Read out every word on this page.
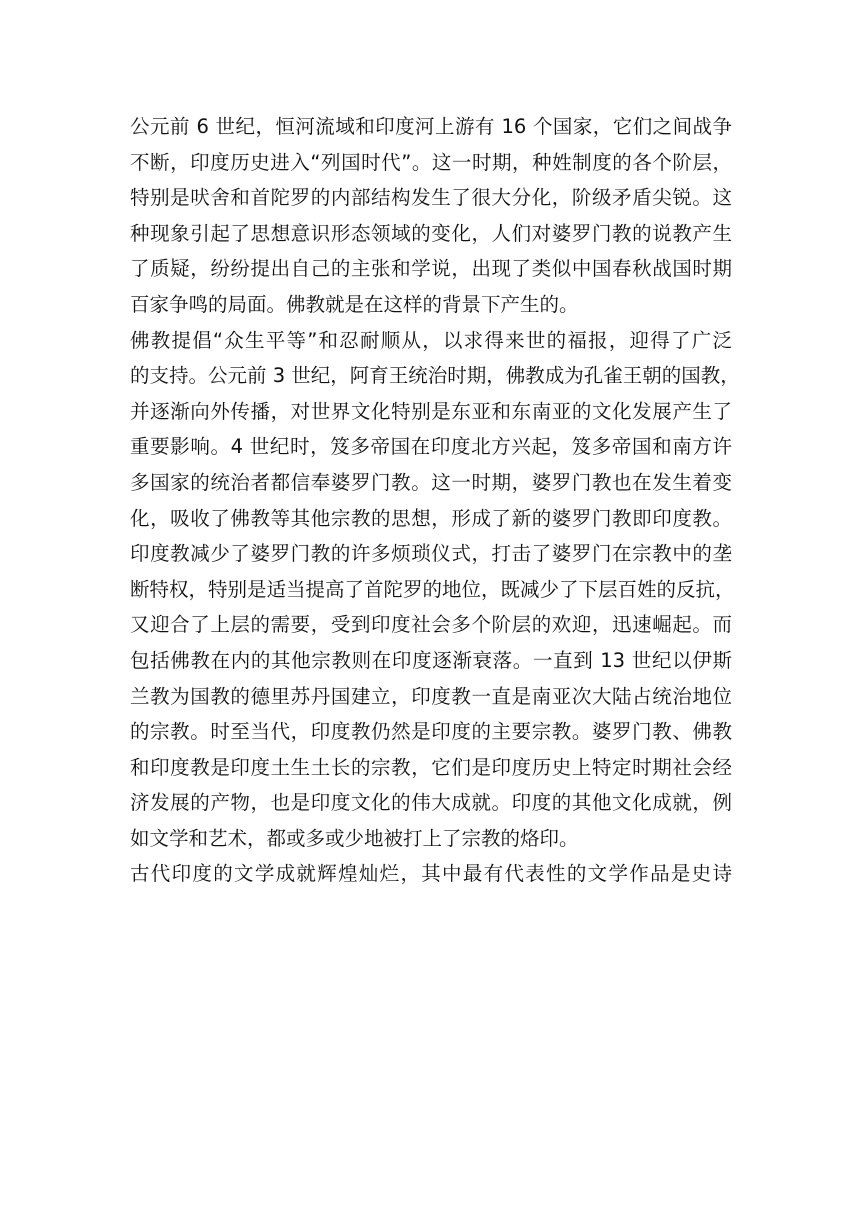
公元前 6 世纪，恒河流域和印度河上游有 16 个国家，它们之间战争
不断，印度历史进入“列国时代”。这一时期，种姓制度的各个阶层，
特别是吠舍和首陀罗的内部结构发生了很大分化，阶级矛盾尖锐。这
种现象引起了思想意识形态领域的变化，人们对婆罗门教的说教产生
了质疑，纷纷提出自己的主张和学说，出现了类似中国春秋战国时期
百家争鸣的局面。佛教就是在这样的背景下产生的。

佛教提倡“众生平等”和忍耐顺从，以求得来世的福报，迎得了广泛
的支持。公元前 3 世纪，阿育王统治时期，佛教成为孔雀王朝的国教，
并逐渐向外传播，对世界文化特别是东亚和东南亚的文化发展产生了
重要影响。4 世纪时，笈多帝国在印度北方兴起，笈多帝国和南方许
多国家的统治者都信奉婆罗门教。这一时期，婆罗门教也在发生着变
化，吸收了佛教等其他宗教的思想，形成了新的婆罗门教即印度教。
印度教减少了婆罗门教的许多烦琐仪式，打击了婆罗门在宗教中的垄
断特权，特别是适当提高了首陀罗的地位，既减少了下层百姓的反抗，
又迎合了上层的需要，受到印度社会多个阶层的欢迎，迅速崛起。而
包括佛教在内的其他宗教则在印度逐渐衰落。一直到 13 世纪以伊斯
兰教为国教的德里苏丹国建立，印度教一直是南亚次大陆占统治地位
的宗教。时至当代，印度教仍然是印度的主要宗教。婆罗门教、佛教
和印度教是印度土生土长的宗教，它们是印度历史上特定时期社会经
济发展的产物，也是印度文化的伟大成就。印度的其他文化成就，例
如文学和艺术，都或多或少地被打上了宗教的烙印。

古代印度的文学成就辉煌灿烂，其中最有代表性的文学作品是史诗
